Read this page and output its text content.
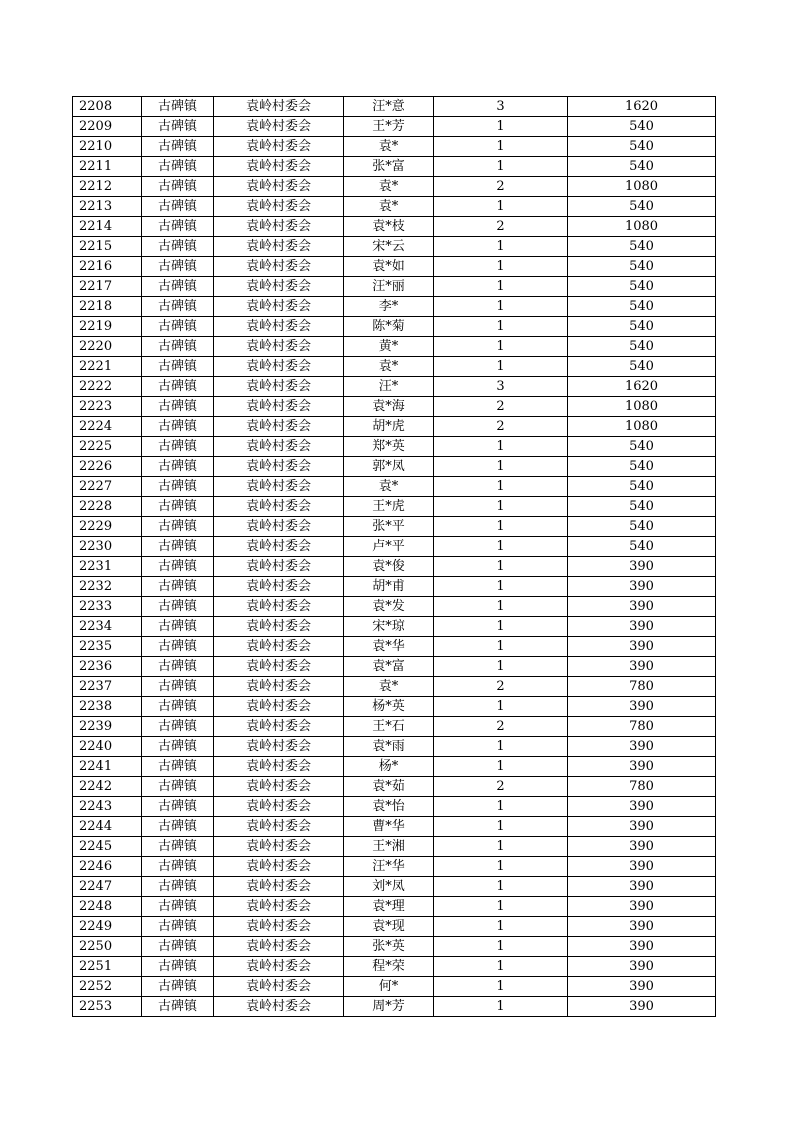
2208	古碑镇	袁岭村委会	汪*意	3	1620
2209	古碑镇	袁岭村委会	王*芳	1	540
2210	古碑镇	袁岭村委会	袁*	1	540
2211	古碑镇	袁岭村委会	张*富	1	540
2212	古碑镇	袁岭村委会	袁*	2	1080
2213	古碑镇	袁岭村委会	袁*	1	540
2214	古碑镇	袁岭村委会	袁*枝	2	1080
2215	古碑镇	袁岭村委会	宋*云	1	540
2216	古碑镇	袁岭村委会	袁*如	1	540
2217	古碑镇	袁岭村委会	汪*丽	1	540
2218	古碑镇	袁岭村委会	李*	1	540
2219	古碑镇	袁岭村委会	陈*菊	1	540
2220	古碑镇	袁岭村委会	黄*	1	540
2221	古碑镇	袁岭村委会	袁*	1	540
2222	古碑镇	袁岭村委会	汪*	3	1620
2223	古碑镇	袁岭村委会	袁*海	2	1080
2224	古碑镇	袁岭村委会	胡*虎	2	1080
2225	古碑镇	袁岭村委会	郑*英	1	540
2226	古碑镇	袁岭村委会	郭*凤	1	540
2227	古碑镇	袁岭村委会	袁*	1	540
2228	古碑镇	袁岭村委会	王*虎	1	540
2229	古碑镇	袁岭村委会	张*平	1	540
2230	古碑镇	袁岭村委会	卢*平	1	540
2231	古碑镇	袁岭村委会	袁*俊	1	390
2232	古碑镇	袁岭村委会	胡*甫	1	390
2233	古碑镇	袁岭村委会	袁*发	1	390
2234	古碑镇	袁岭村委会	宋*琼	1	390
2235	古碑镇	袁岭村委会	袁*华	1	390
2236	古碑镇	袁岭村委会	袁*富	1	390
2237	古碑镇	袁岭村委会	袁*	2	780
2238	古碑镇	袁岭村委会	杨*英	1	390
2239	古碑镇	袁岭村委会	王*石	2	780
2240	古碑镇	袁岭村委会	袁*雨	1	390
2241	古碑镇	袁岭村委会	杨*	1	390
2242	古碑镇	袁岭村委会	袁*茹	2	780
2243	古碑镇	袁岭村委会	袁*怡	1	390
2244	古碑镇	袁岭村委会	曹*华	1	390
2245	古碑镇	袁岭村委会	王*湘	1	390
2246	古碑镇	袁岭村委会	汪*华	1	390
2247	古碑镇	袁岭村委会	刘*凤	1	390
2248	古碑镇	袁岭村委会	袁*理	1	390
2249	古碑镇	袁岭村委会	袁*现	1	390
2250	古碑镇	袁岭村委会	张*英	1	390
2251	古碑镇	袁岭村委会	程*荣	1	390
2252	古碑镇	袁岭村委会	何*	1	390
2253	古碑镇	袁岭村委会	周*芳	1	390
